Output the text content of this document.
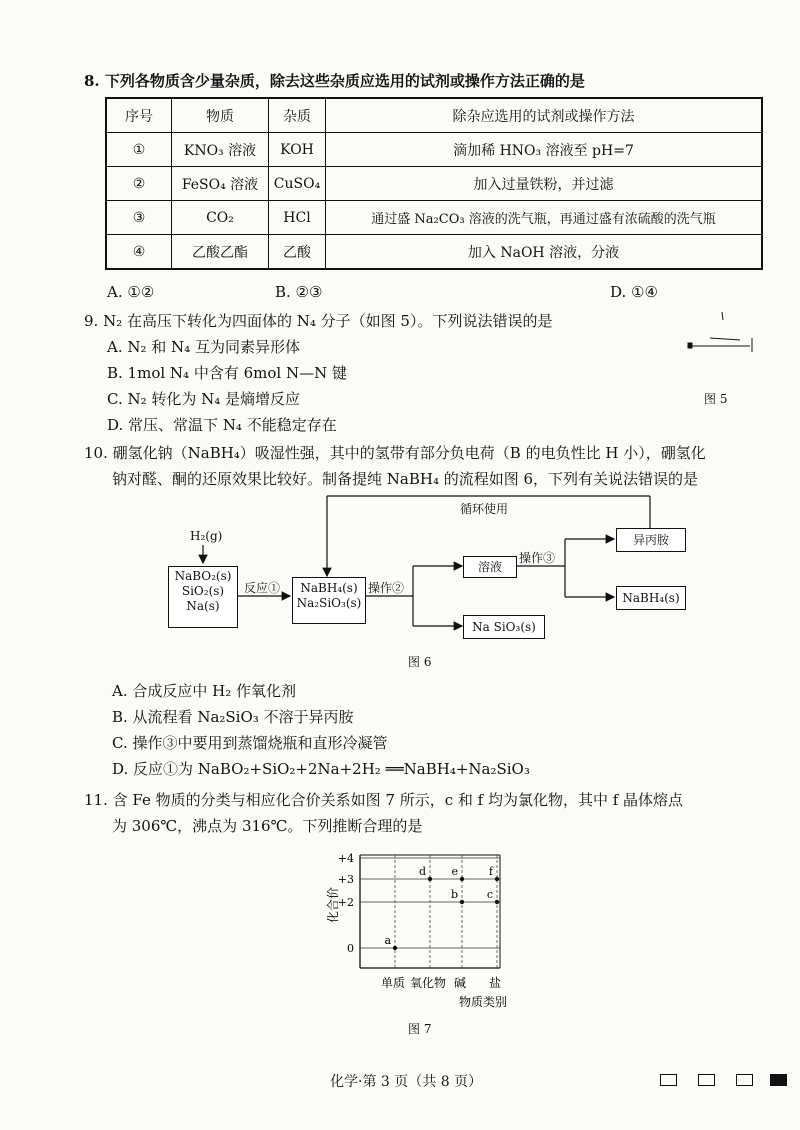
8. 下列各物质含少量杂质，除去这些杂质应选用的试剂或操作方法正确的是
序号	物质	杂质	除杂应选用的试剂或操作方法
①	KNO₃ 溶液	KOH	滴加稀 HNO₃ 溶液至 pH=7
②	FeSO₄ 溶液	CuSO₄	加入过量铁粉，并过滤
③	CO₂	HCl	通过盛 Na₂CO₃ 溶液的洗气瓶，再通过盛有浓硫酸的洗气瓶
④	乙酸乙酯	乙酸	加入 NaOH 溶液，分液
A. ①②	B. ②③	D. ①④
9. N₂ 在高压下转化为四面体的 N₄ 分子（如图 5）。下列说法错误的是
A. N₂ 和 N₄ 互为同素异形体
B. 1mol N₄ 中含有 6mol N—N 键
C. N₂ 转化为 N₄ 是熵增反应
D. 常压、常温下 N₄ 不能稳定存在
图 5
10. 硼氢化钠（NaBH₄）吸湿性强，其中的氢带有部分负电荷（B 的电负性比 H 小），硼氢化
钠对醛、酮的还原效果比较好。制备提纯 NaBH₄ 的流程如图 6，下列有关说法错误的是
循环使用
H₂(g)
NaBO₂(s)
SiO₂(s)
Na(s)
反应①	NaBH₄(s)
Na₂SiO₃(s)
操作②
溶液
操作③
异丙胺
NaBH₄(s)
Na SiO₃(s)
图 6
A. 合成反应中 H₂ 作氧化剂
B. 从流程看 Na₂SiO₃ 不溶于异丙胺
C. 操作③中要用到蒸馏烧瓶和直形冷凝管
D. 反应①为 NaBO₂+SiO₂+2Na+2H₂ ══NaBH₄+Na₂SiO₃
11. 含 Fe 物质的分类与相应化合价关系如图 7 所示，c 和 f 均为氯化物，其中 f 晶体熔点
为 306℃，沸点为 316℃。下列推断合理的是
+4
+3
+2
0
单质 氧化物 碱 盐
物质类别
化合价
a
d e
b
f
c
图 7
化学·第 3 页（共 8 页）
